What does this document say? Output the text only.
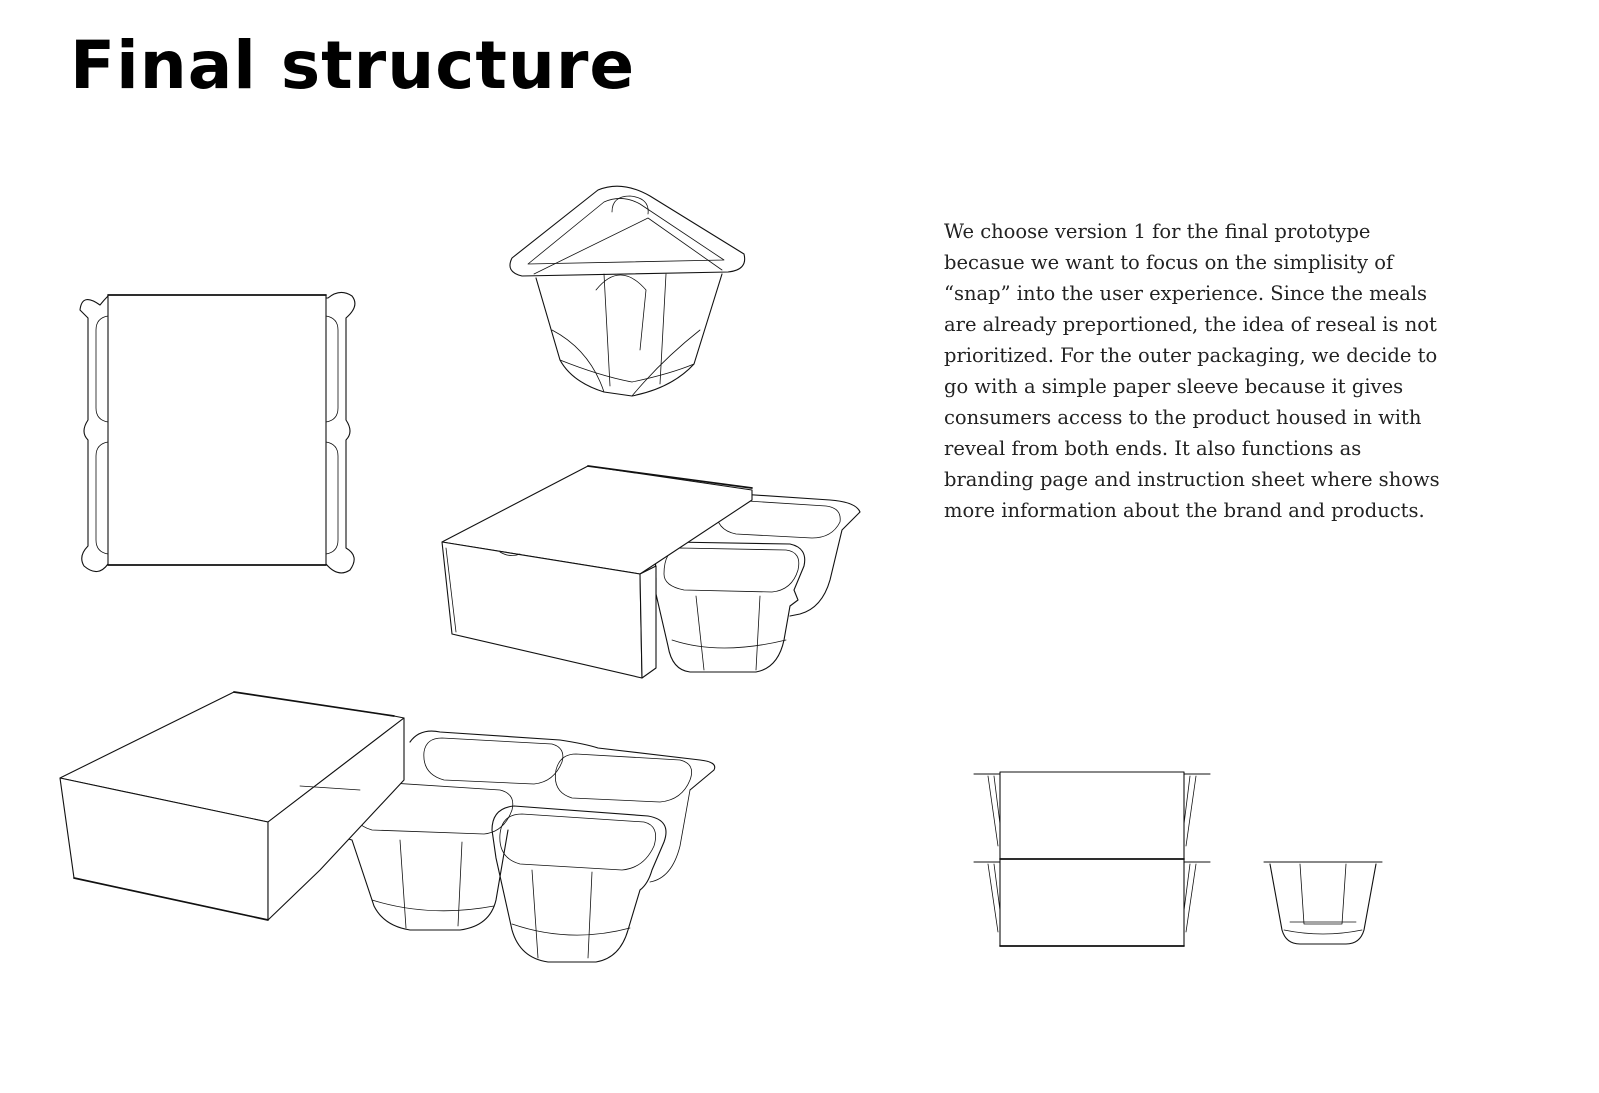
Final structure

We choose version 1 for the final prototype becasue we want to focus on the simplisity of “snap” into the user experience. Since the meals are already preportioned, the idea of reseal is not prioritized. For the outer packaging, we decide to go with a simple paper sleeve because it gives consumers access to the product housed in with reveal from both ends. It also functions as branding page and instruction sheet where shows more information about the brand and products.
